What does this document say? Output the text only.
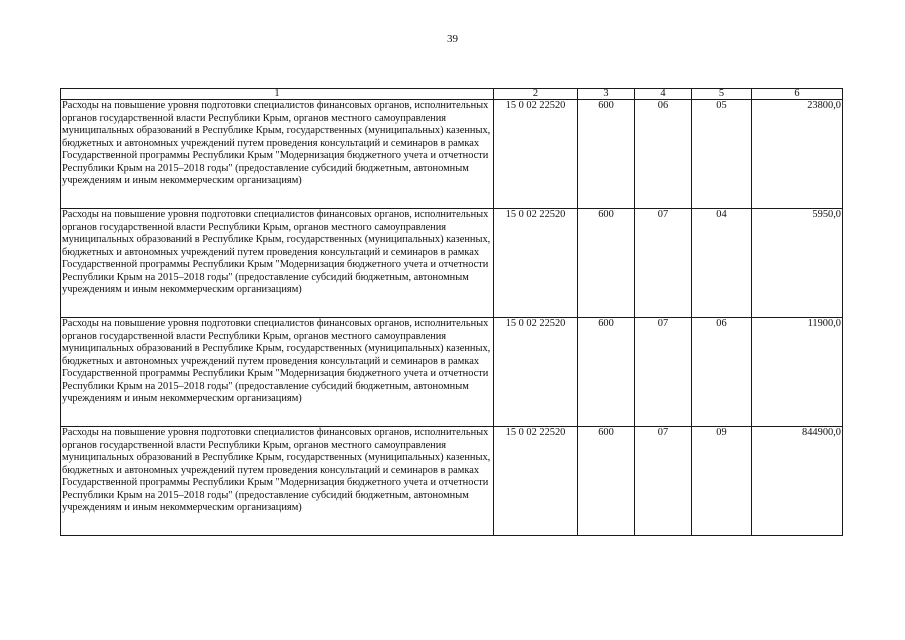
39
1	2	3	4	5	6
Расходы на повышение уровня подготовки специалистов финансовых органов, исполнительных органов государственной власти Республики Крым, органов местного самоуправления муниципальных образований в Республике Крым, государственных (муниципальных) казенных, бюджетных и автономных учреждений путем проведения консультаций и семинаров в рамках Государственной программы Республики Крым "Модернизация бюджетного учета и отчетности Республики Крым на 2015–2018 годы" (предоставление субсидий бюджетным, автономным учреждениям и иным некоммерческим организациям)	15 0 02 22520	600	06	05	23800,0
Расходы на повышение уровня подготовки специалистов финансовых органов, исполнительных органов государственной власти Республики Крым, органов местного самоуправления муниципальных образований в Республике Крым, государственных (муниципальных) казенных, бюджетных и автономных учреждений путем проведения консультаций и семинаров в рамках Государственной программы Республики Крым "Модернизация бюджетного учета и отчетности Республики Крым на 2015–2018 годы" (предоставление субсидий бюджетным, автономным учреждениям и иным некоммерческим организациям)	15 0 02 22520	600	07	04	5950,0
Расходы на повышение уровня подготовки специалистов финансовых органов, исполнительных органов государственной власти Республики Крым, органов местного самоуправления муниципальных образований в Республике Крым, государственных (муниципальных) казенных, бюджетных и автономных учреждений путем проведения консультаций и семинаров в рамках Государственной программы Республики Крым "Модернизация бюджетного учета и отчетности Республики Крым на 2015–2018 годы" (предоставление субсидий бюджетным, автономным учреждениям и иным некоммерческим организациям)	15 0 02 22520	600	07	06	11900,0
Расходы на повышение уровня подготовки специалистов финансовых органов, исполнительных органов государственной власти Республики Крым, органов местного самоуправления муниципальных образований в Республике Крым, государственных (муниципальных) казенных, бюджетных и автономных учреждений путем проведения консультаций и семинаров в рамках Государственной программы Республики Крым "Модернизация бюджетного учета и отчетности Республики Крым на 2015–2018 годы" (предоставление субсидий бюджетным, автономным учреждениям и иным некоммерческим организациям)	15 0 02 22520	600	07	09	844900,0
